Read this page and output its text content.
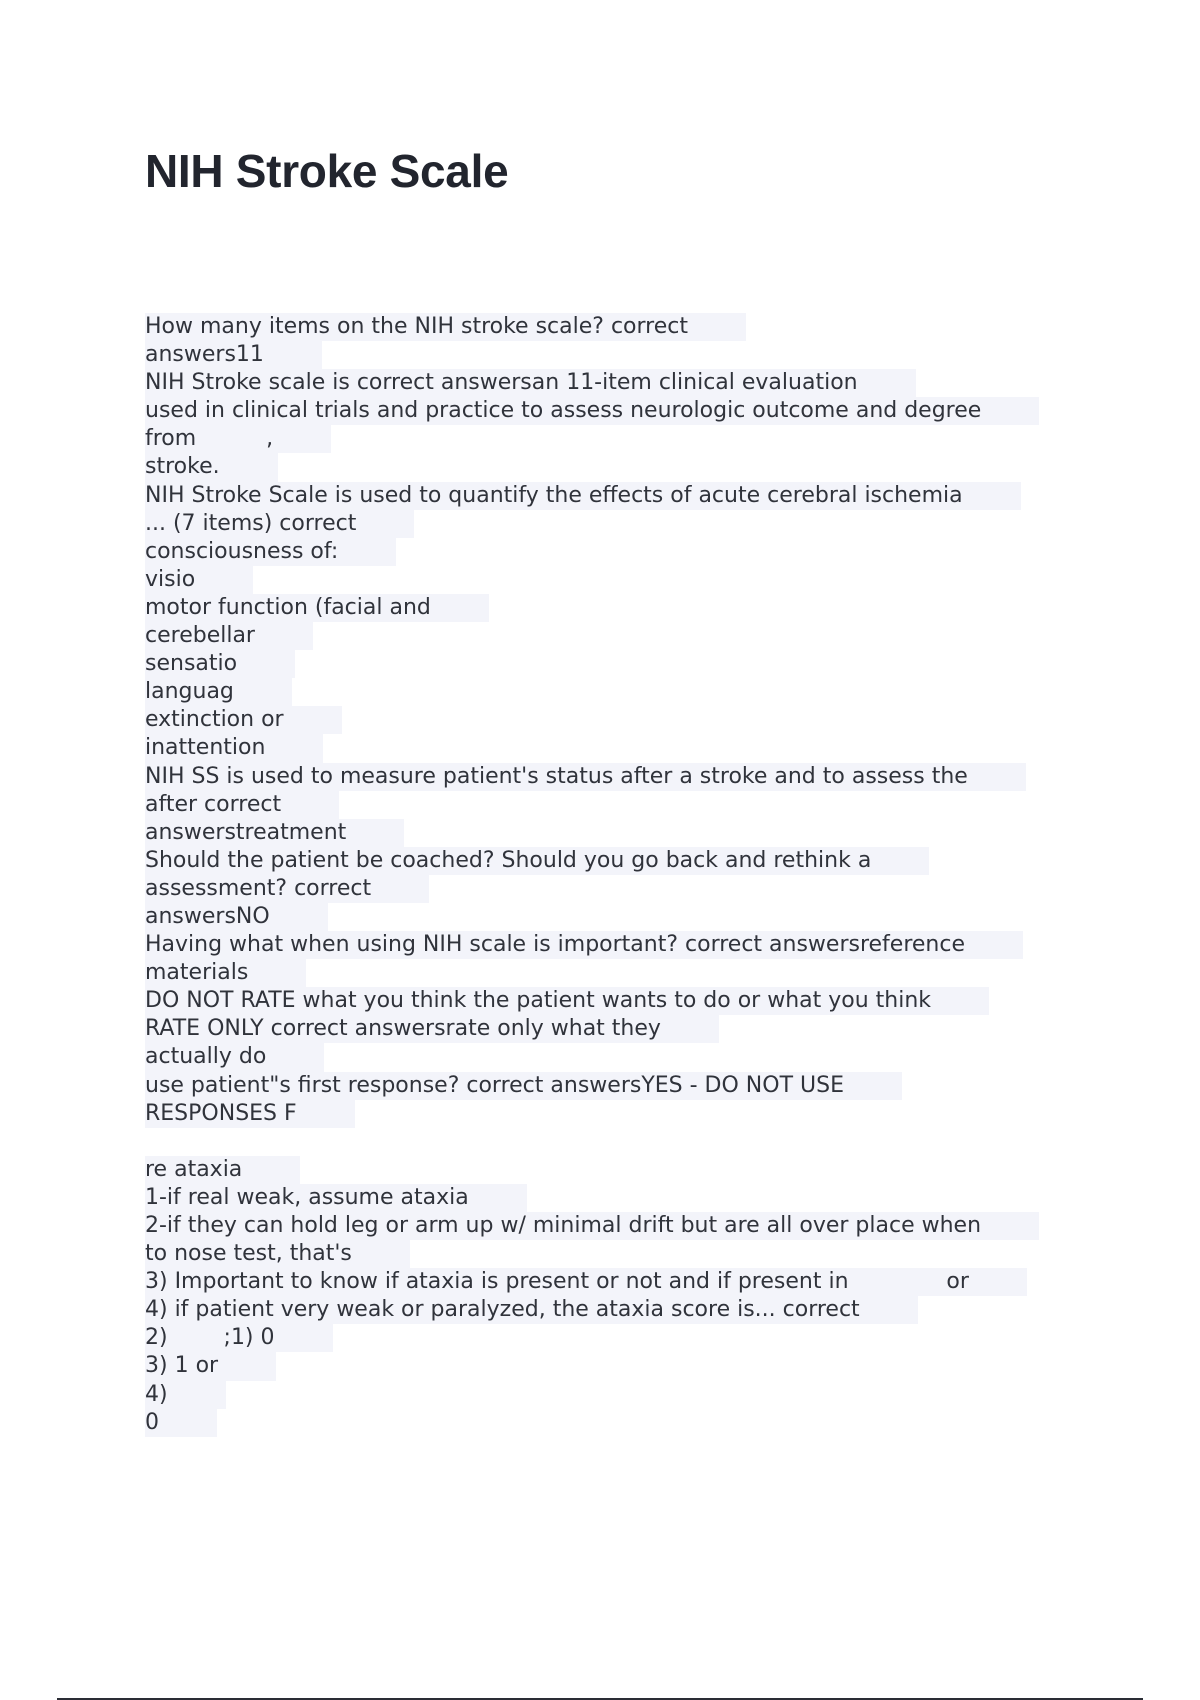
NIH Stroke Scale
How many items on the NIH stroke scale? correct
answers11
NIH Stroke scale is correct answersan 11-item clinical evaluation
used in clinical trials and practice to assess neurologic outcome and degree
from          ,
stroke.
NIH Stroke Scale is used to quantify the effects of acute cerebral ischemia
... (7 items) correct
consciousness of:
visio
motor function (facial and
cerebellar
sensatio
languag
extinction or
inattention
NIH SS is used to measure patient's status after a stroke and to assess the
after correct
answerstreatment
Should the patient be coached? Should you go back and rethink a
assessment? correct
answersNO
Having what when using NIH scale is important? correct answersreference
materials
DO NOT RATE what you think the patient wants to do or what you think
RATE ONLY correct answersrate only what they
actually do
use patient"s first response? correct answersYES - DO NOT USE
RESPONSES F
re ataxia
1-if real weak, assume ataxia
2-if they can hold leg or arm up w/ minimal drift but are all over place when
to nose test, that's
3) Important to know if ataxia is present or not and if present in              or
4) if patient very weak or paralyzed, the ataxia score is... correct
2)        ;1) 0
3) 1 or
4)
0
